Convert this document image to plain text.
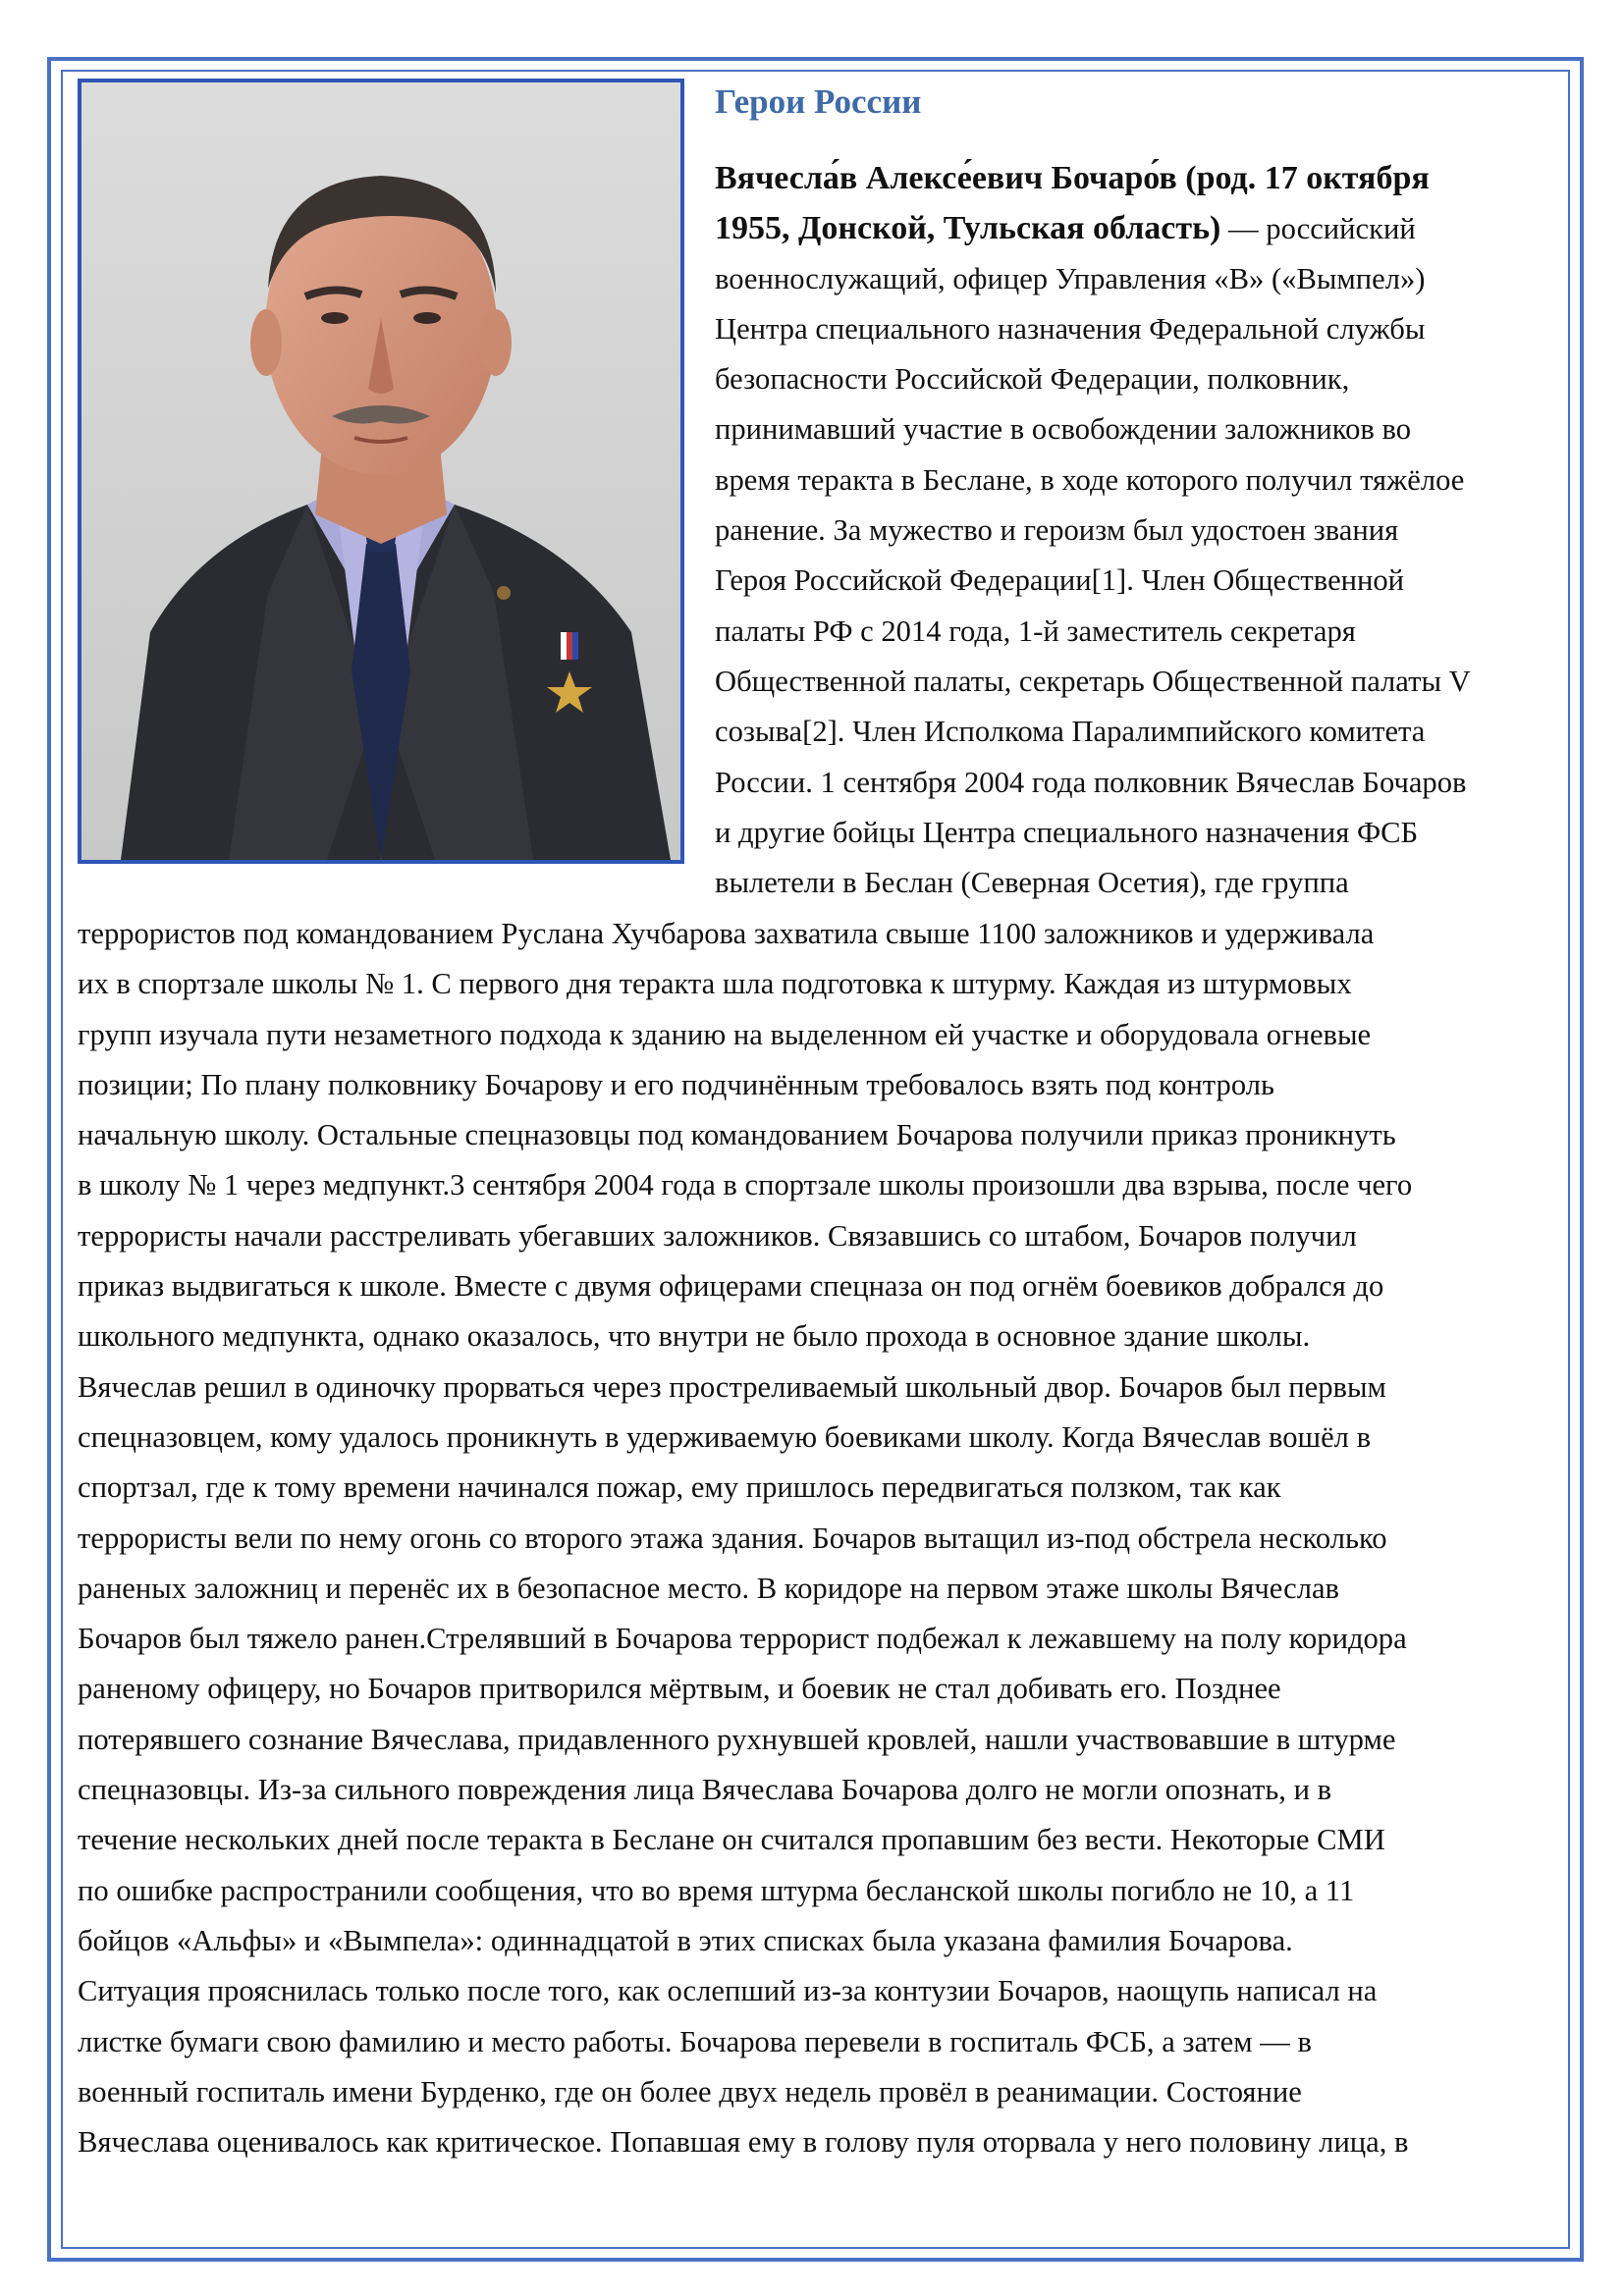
Герои России
Вячесла́в Алексе́евич Бочаро́в (род. 17 октября
1955, Донской, Тульская область) — российский
военнослужащий, офицер Управления «В» («Вымпел»)
Центра специального назначения Федеральной службы
безопасности Российской Федерации, полковник,
принимавший участие в освобождении заложников во
время теракта в Беслане, в ходе которого получил тяжёлое
ранение. За мужество и героизм был удостоен звания
Героя Российской Федерации[1]. Член Общественной
палаты РФ с 2014 года, 1-й заместитель секретаря
Общественной палаты, секретарь Общественной палаты V
созыва[2]. Член Исполкома Паралимпийского комитета
России. 1 сентября 2004 года полковник Вячеслав Бочаров
и другие бойцы Центра специального назначения ФСБ
вылетели в Беслан (Северная Осетия), где группа
террористов под командованием Руслана Хучбарова захватила свыше 1100 заложников и удерживала
их в спортзале школы № 1. С первого дня теракта шла подготовка к штурму. Каждая из штурмовых
групп изучала пути незаметного подхода к зданию на выделенном ей участке и оборудовала огневые
позиции; По плану полковнику Бочарову и его подчинённым требовалось взять под контроль
начальную школу. Остальные спецназовцы под командованием Бочарова получили приказ проникнуть
в школу № 1 через медпункт.3 сентября 2004 года в спортзале школы произошли два взрыва, после чего
террористы начали расстреливать убегавших заложников. Связавшись со штабом, Бочаров получил
приказ выдвигаться к школе. Вместе с двумя офицерами спецназа он под огнём боевиков добрался до
школьного медпункта, однако оказалось, что внутри не было прохода в основное здание школы.
Вячеслав решил в одиночку прорваться через простреливаемый школьный двор. Бочаров был первым
спецназовцем, кому удалось проникнуть в удерживаемую боевиками школу. Когда Вячеслав вошёл в
спортзал, где к тому времени начинался пожар, ему пришлось передвигаться ползком, так как
террористы вели по нему огонь со второго этажа здания. Бочаров вытащил из-под обстрела несколько
раненых заложниц и перенёс их в безопасное место. В коридоре на первом этаже школы Вячеслав
Бочаров был тяжело ранен.Стрелявший в Бочарова террорист подбежал к лежавшему на полу коридора
раненому офицеру, но Бочаров притворился мёртвым, и боевик не стал добивать его. Позднее
потерявшего сознание Вячеслава, придавленного рухнувшей кровлей, нашли участвовавшие в штурме
спецназовцы. Из-за сильного повреждения лица Вячеслава Бочарова долго не могли опознать, и в
течение нескольких дней после теракта в Беслане он считался пропавшим без вести. Некоторые СМИ
по ошибке распространили сообщения, что во время штурма бесланской школы погибло не 10, а 11
бойцов «Альфы» и «Вымпела»: одиннадцатой в этих списках была указана фамилия Бочарова.
Ситуация прояснилась только после того, как ослепший из-за контузии Бочаров, наощупь написал на
листке бумаги свою фамилию и место работы. Бочарова перевели в госпиталь ФСБ, а затем — в
военный госпиталь имени Бурденко, где он более двух недель провёл в реанимации. Состояние
Вячеслава оценивалось как критическое. Попавшая ему в голову пуля оторвала у него половину лица, в
